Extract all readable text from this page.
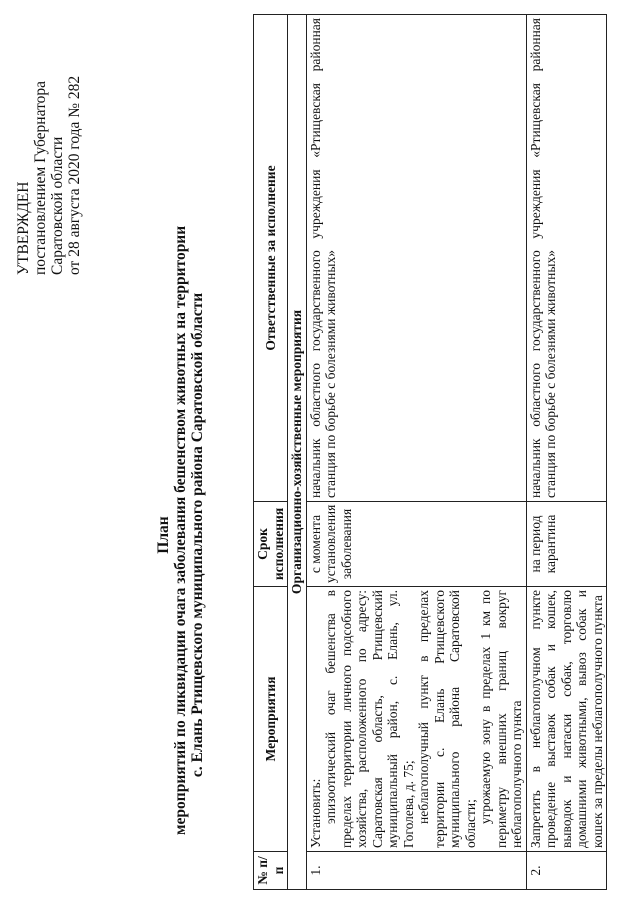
УТВЕРЖДЕН постановлением Губернатора Саратовской области от 28 августа 2020 года № 282
План мероприятий по ликвидации очага заболевания бешенством животных на территории с. Елань Ртищевского муниципального района Саратовской области
№ п/п	Мероприятия	Срок исполнения	Ответственные за исполнение
Организационно-хозяйственные мероприятия			
1.	Установить: эпизоотический очаг бешенства в пределах территории личного подсобного хозяйства, расположенного по адресу: Саратовская область, Ртищевский муниципальный район, с. Елань, ул. Гоголева, д. 75; неблагополучный пункт в пределах территории с. Елань Ртищевского муниципального района Саратовской области; угрожаемую зону в пределах 1 км по периметру внешних границ вокруг неблагополучного пункта	с момента установления заболевания	начальник областного государственного учреждения «Ртищевская районная станция по борьбе с болезнями животных»
2.	Запретить в неблагополучном пункте проведение выставок собак и кошек, выводок и натаски собак, торговлю домашними животными, вывоз собак и кошек за пределы неблагополучного пункта	на период карантина	начальник областного государственного учреждения «Ртищевская районная станция по борьбе с болезнями животных»
